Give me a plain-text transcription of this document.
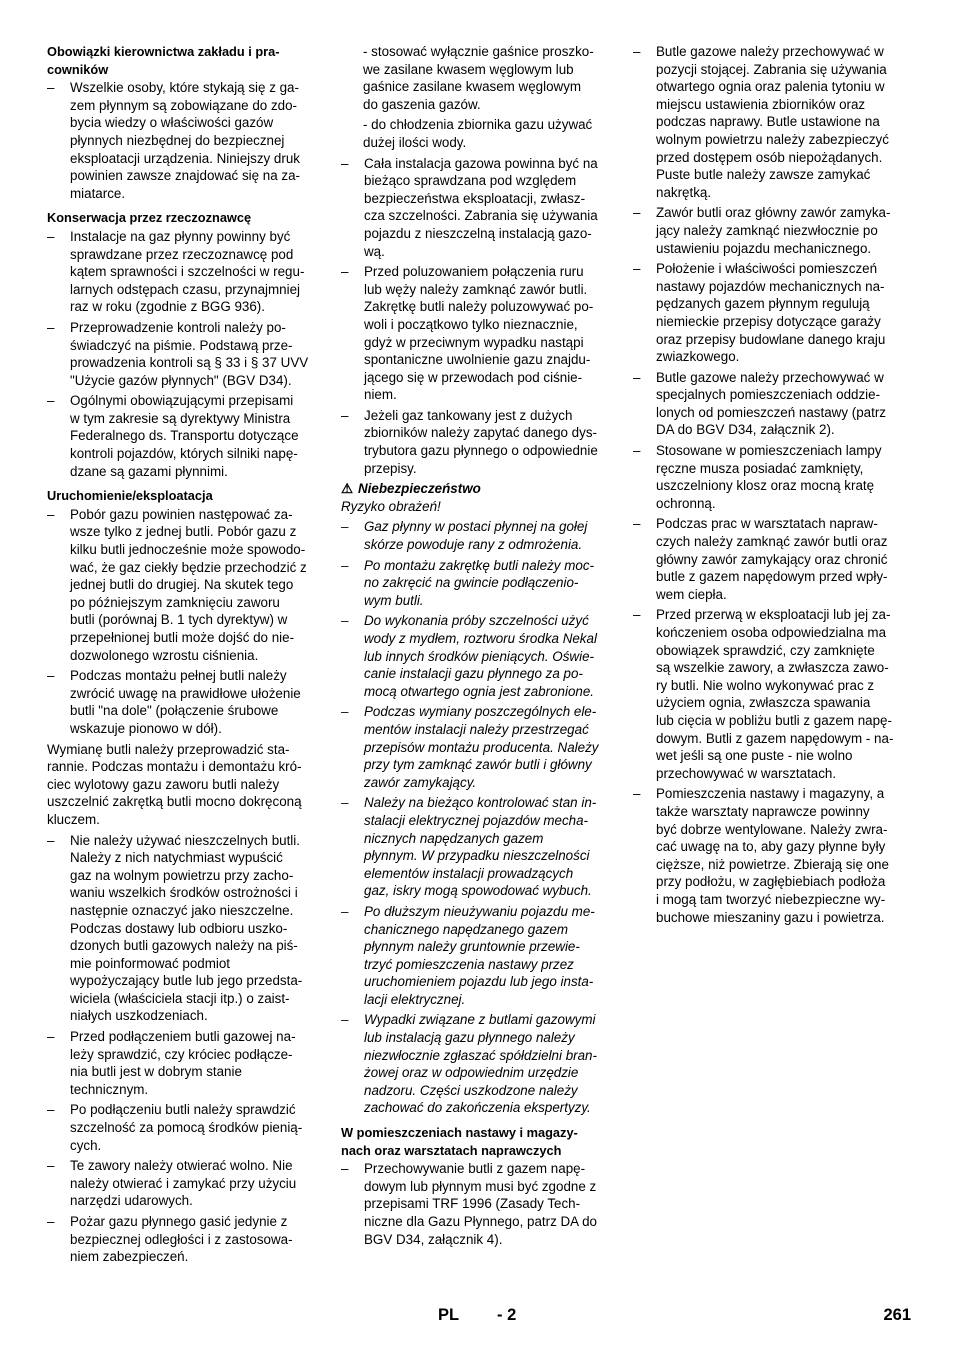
Obowiązki kierownictwa zakładu i pra-
cowników
– Wszelkie osoby, które stykają się z ga-
zem płynnym są zobowiązane do zdo-
bycia wiedzy o właściwości gazów
płynnych niezbędnej do bezpiecznej
eksploatacji urządzenia. Niniejszy druk
powinien zawsze znajdować się na za-
miatarce.
Konserwacja przez rzeczoznawcę
– Instalacje na gaz płynny powinny być
sprawdzane przez rzeczoznawcę pod
kątem sprawności i szczelności w regu-
larnych odstępach czasu, przynajmniej
raz w roku (zgodnie z BGG 936).
– Przeprowadzenie kontroli należy po-
świadczyć na piśmie. Podstawą prze-
prowadzenia kontroli są § 33 i § 37 UVV
"Użycie gazów płynnych" (BGV D34).
– Ogólnymi obowiązującymi przepisami
w tym zakresie są dyrektywy Ministra
Federalnego ds. Transportu dotyczące
kontroli pojazdów, których silniki napę-
dzane są gazami płynnimi.
Uruchomienie/eksploatacja
– Pobór gazu powinien następować za-
wsze tylko z jednej butli. Pobór gazu z
kilku butli jednocześnie może spowodo-
wać, że gaz ciekły będzie przechodzić z
jednej butli do drugiej. Na skutek tego
po późniejszym zamknięciu zaworu
butli (porównaj B. 1 tych dyrektyw) w
przepełnionej butli może dojść do nie-
dozwolonego wzrostu ciśnienia.
– Podczas montażu pełnej butli należy
zwrócić uwagę na prawidłowe ułożenie
butli "na dole" (połączenie śrubowe
wskazuje pionowo w dół).
Wymianę butli należy przeprowadzić sta-
rannie. Podczas montażu i demontażu kró-
ciec wylotowy gazu zaworu butli należy
uszczelnić zakrętką butli mocno dokręconą
kluczem.
– Nie należy używać nieszczelnych butli.
Należy z nich natychmiast wypuścić
gaz na wolnym powietrzu przy zacho-
waniu wszelkich środków ostrożności i
następnie oznaczyć jako nieszczelne.
Podczas dostawy lub odbioru uszko-
dzonych butli gazowych należy na piś-
mie poinformować podmiot
wypożyczający butle lub jego przedsta-
wiciela (właściciela stacji itp.) o zaist-
niałych uszkodzeniach.
– Przed podłączeniem butli gazowej na-
leży sprawdzić, czy króciec podłącze-
nia butli jest w dobrym stanie
technicznym.
– Po podłączeniu butli należy sprawdzić
szczelność za pomocą środków pienią-
cych.
– Te zawory należy otwierać wolno. Nie
należy otwierać i zamykać przy użyciu
narzędzi udarowych.
– Pożar gazu płynnego gasić jedynie z
bezpiecznej odległości i z zastosowa-
niem zabezpieczeń.
- stosować wyłącznie gaśnice proszko-
we zasilane kwasem węglowym lub
gaśnice zasilane kwasem węglowym
do gaszenia gazów.
- do chłodzenia zbiornika gazu używać
dużej ilości wody.
– Cała instalacja gazowa powinna być na
bieżąco sprawdzana pod względem
bezpieczeństwa eksploatacji, zwłasz-
cza szczelności. Zabrania się używania
pojazdu z nieszczelną instalacją gazo-
wą.
– Przed poluzowaniem połączenia ruru
lub węży należy zamknąć zawór butli.
Zakrętkę butli należy poluzowywać po-
woli i początkowo tylko nieznacznie,
gdyż w przeciwnym wypadku nastąpi
spontaniczne uwolnienie gazu znajdu-
jącego się w przewodach pod ciśnie-
niem.
– Jeżeli gaz tankowany jest z dużych
zbiorników należy zapytać danego dys-
trybutora gazu płynnego o odpowiednie
przepisy.
⚠ Niebezpieczeństwo
Ryzyko obrażeń!
– Gaz płynny w postaci płynnej na gołej
skórze powoduje rany z odmrożenia.
– Po montażu zakrętkę butli należy moc-
no zakręcić na gwincie podłączenio-
wym butli.
– Do wykonania próby szczelności użyć
wody z mydłem, roztworu środka Nekal
lub innych środków pieniących. Oświe-
canie instalacji gazu płynnego za po-
mocą otwartego ognia jest zabronione.
– Podczas wymiany poszczególnych ele-
mentów instalacji należy przestrzegać
przepisów montażu producenta. Należy
przy tym zamknąć zawór butli i główny
zawór zamykający.
– Należy na bieżąco kontrolować stan in-
stalacji elektrycznej pojazdów mecha-
nicznych napędzanych gazem
płynnym. W przypadku nieszczelności
elementów instalacji prowadzących
gaz, iskry mogą spowodować wybuch.
– Po dłuższym nieużywaniu pojazdu me-
chanicznego napędzanego gazem
płynnym należy gruntownie przewie-
trzyć pomieszczenia nastawy przez
uruchomieniem pojazdu lub jego insta-
lacji elektrycznej.
– Wypadki związane z butlami gazowymi
lub instalacją gazu płynnego należy
niezwłocznie zgłaszać spółdzielni bran-
żowej oraz w odpowiednim urzędzie
nadzoru. Części uszkodzone należy
zachować do zakończenia ekspertyzy.
W pomieszczeniach nastawy i magazy-
nach oraz warsztatach naprawczych
– Przechowywanie butli z gazem napę-
dowym lub płynnym musi być zgodne z
przepisami TRF 1996 (Zasady Tech-
niczne dla Gazu Płynnego, patrz DA do
BGV D34, załącznik 4).
– Butle gazowe należy przechowywać w
pozycji stojącej. Zabrania się używania
otwartego ognia oraz palenia tytoniu w
miejscu ustawienia zbiorników oraz
podczas naprawy. Butle ustawione na
wolnym powietrzu należy zabezpieczyć
przed dostępem osób niepożądanych.
Puste butle należy zawsze zamykać
nakrętką.
– Zawór butli oraz główny zawór zamyka-
jący należy zamknąć niezwłocznie po
ustawieniu pojazdu mechanicznego.
– Położenie i właściwości pomieszczeń
nastawy pojazdów mechanicznych na-
pędzanych gazem płynnym regulują
niemieckie przepisy dotyczące garaży
oraz przepisy budowlane danego kraju
zwiazkowego.
– Butle gazowe należy przechowywać w
specjalnych pomieszczeniach oddzie-
lonych od pomieszczeń nastawy (patrz
DA do BGV D34, załącznik 2).
– Stosowane w pomieszczeniach lampy
ręczne musza posiadać zamknięty,
uszczelniony klosz oraz mocną kratę
ochronną.
– Podczas prac w warsztatach napraw-
czych należy zamknąć zawór butli oraz
główny zawór zamykający oraz chronić
butle z gazem napędowym przed wpły-
wem ciepła.
– Przed przerwą w eksploatacji lub jej za-
kończeniem osoba odpowiedzialna ma
obowiązek sprawdzić, czy zamknięte
są wszelkie zawory, a zwłaszcza zawo-
ry butli. Nie wolno wykonywać prac z
użyciem ognia, zwłaszcza spawania
lub cięcia w pobliżu butli z gazem napę-
dowym. Butli z gazem napędowym - na-
wet jeśli są one puste - nie wolno
przechowywać w warsztatach.
– Pomieszczenia nastawy i magazyny, a
także warsztaty naprawcze powinny
być dobrze wentylowane. Należy zwra-
cać uwagę na to, aby gazy płynne były
cięższe, niż powietrze. Zbierają się one
przy podłożu, w zagłębiebiach podłoża
i mogą tam tworzyć niebezpieczne wy-
buchowe mieszaniny gazu i powietrza.
PL - 2	261
